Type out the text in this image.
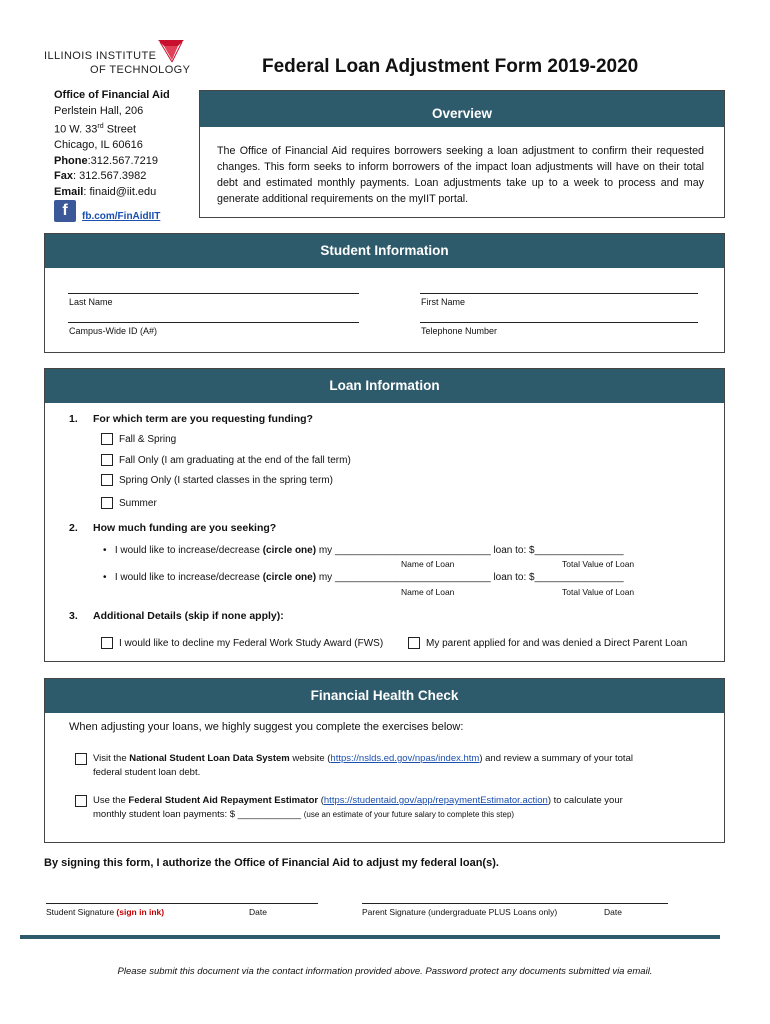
ILLINOIS INSTITUTE
OF TECHNOLOGY	Federal Loan Adjustment Form 2019-2020
Office of Financial Aid
Perlstein Hall, 206
10 W. 33rd Street
Chicago, IL 60616
Phone:312.567.7219
Fax: 312.567.3982
Email: finaid@iit.edu
f	fb.com/FinAidIIT
Overview
The Office of Financial Aid requires borrowers seeking a loan adjustment to confirm their requested changes. This form seeks to inform borrowers of the impact loan adjustments will have on their total debt and estimated monthly payments. Loan adjustments take up to a week to process and may generate additional requirements on the myIIT portal.
Student Information
Last Name	First Name
Campus-Wide ID (A#)	Telephone Number
Loan Information
1. For which term are you requesting funding?
Fall & Spring
Fall Only (I am graduating at the end of the fall term)
Spring Only (I started classes in the spring term)
Summer
2. How much funding are you seeking?
•   I would like to increase/decrease (circle one) my ____________________________ loan to: $________________
Name of Loan	Total Value of Loan
•   I would like to increase/decrease (circle one) my ____________________________ loan to: $________________
Name of Loan	Total Value of Loan
3. Additional Details (skip if none apply):
I would like to decline my Federal Work Study Award (FWS)	My parent applied for and was denied a Direct Parent Loan
Financial Health Check
When adjusting your loans, we highly suggest you complete the exercises below:
Visit the National Student Loan Data System website (https://nslds.ed.gov/npas/index.htm) and review a summary of your total federal student loan debt.
Use the Federal Student Aid Repayment Estimator (https://studentaid.gov/app/repaymentEstimator.action) to calculate your monthly student loan payments: $ ____________ (use an estimate of your future salary to complete this step)
By signing this form, I authorize the Office of Financial Aid to adjust my federal loan(s).
Student Signature (sign in ink)	Date	Parent Signature (undergraduate PLUS Loans only)	Date
Please submit this document via the contact information provided above. Password protect any documents submitted via email.
